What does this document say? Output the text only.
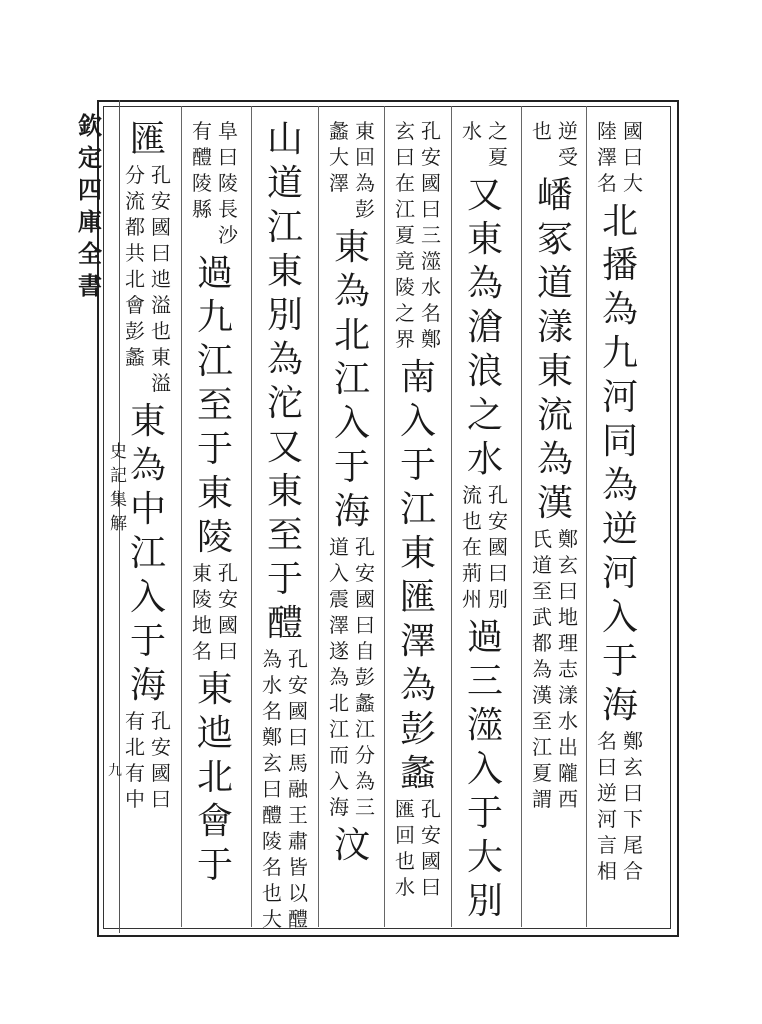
欽
定
四
庫
全
書
史
記
集
解
九
國
曰
大
陸
澤
名
北
播
為
九
河
同
為
逆
河
入
于
海
鄭
玄
曰
下
尾
合
名
曰
逆
河
言
相
逆
受
也
嶓
冢
道
漾
東
流
為
漢
鄭
玄
曰
地
理
志
漾
水
出
隴
西
氏
道
至
武
都
為
漢
至
江
夏
謂
之
夏
水
又
東
為
滄
浪
之
水
孔
安
國
曰
別
流
也
在
荊
州
過
三
澨
入
于
大
別
孔
安
國
曰
三
澨
水
名
鄭
玄
曰
在
江
夏
竟
陵
之
界
南
入
于
江
東
匯
澤
為
彭
蠡
孔
安
國
曰
匯
回
也
水
東
回
為
彭
蠡
大
澤
東
為
北
江
入
于
海
孔
安
國
曰
自
彭
蠡
江
分
為
三
道
入
震
澤
遂
為
北
江
而
入
海
汶
山
道
江
東
別
為
沱
又
東
至
于
醴
孔
安
國
曰
馬
融
王
肅
皆
以
醴
為
水
名
鄭
玄
曰
醴
陵
名
也
大
阜
曰
陵
長
沙
有
醴
陵
縣
過
九
江
至
于
東
陵
孔
安
國
曰
東
陵
地
名
東
迆
北
會
于
匯
孔
安
國
曰
迆
溢
也
東
溢
分
流
都
共
北
會
彭
蠡
東
為
中
江
入
于
海
孔
安
國
曰
有
北
有
中
